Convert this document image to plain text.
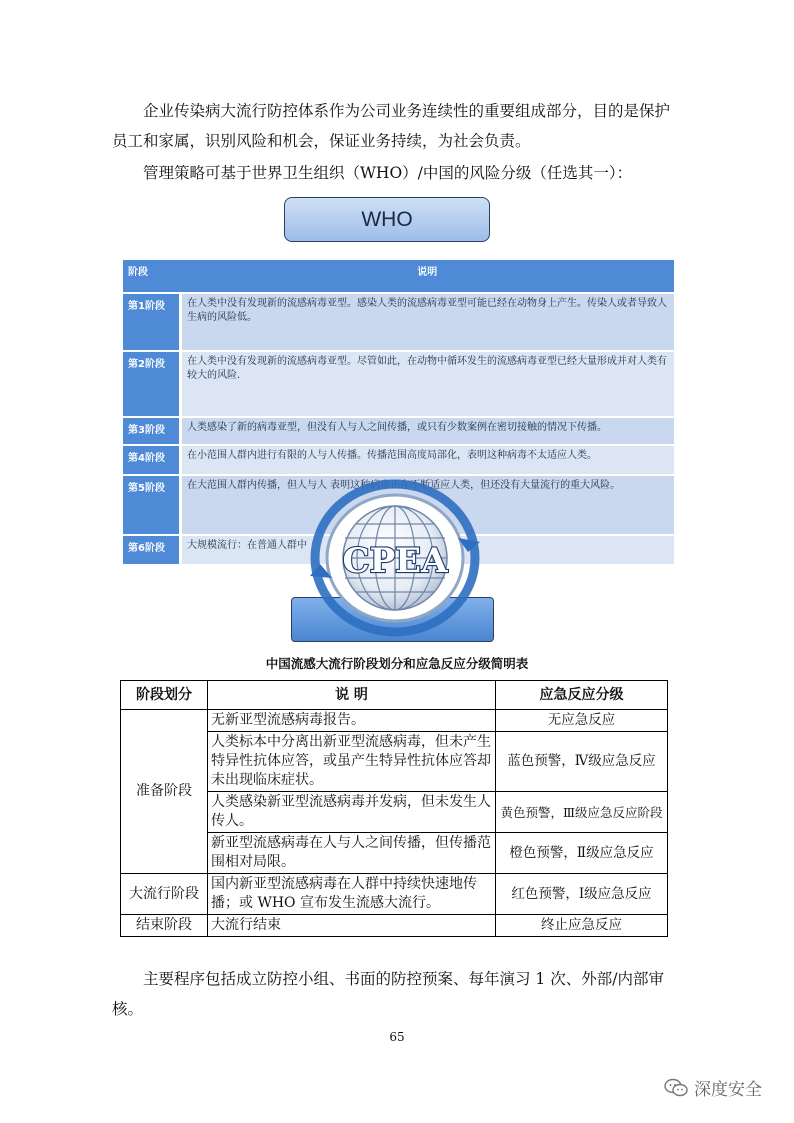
企业传染病大流行防控体系作为公司业务连续性的重要组成部分，目的是保护员工和家属，识别风险和机会，保证业务持续，为社会负责。

管理策略可基于世界卫生组织（WHO）/中国的风险分级（任选其一）：

WHO
阶段	说明
第1阶段	在人类中没有发现新的流感病毒亚型。感染人类的流感病毒亚型可能已经在动物身上产生。传染人或者导致人生病的风险低。
第2阶段	在人类中没有发现新的流感病毒亚型。尽管如此，在动物中循环发生的流感病毒亚型已经大量形成并对人类有较大的风险.
第3阶段	人类感染了新的病毒亚型，但没有人与人之间传播，或只有少数案例在密切接触的情况下传播。
第4阶段	在小范围人群内进行有限的人与人传播。传播范围高度局部化，表明这种病毒不太适应人类。
第5阶段	在大范围人群内传播，但人与人 表明这种病毒正在不断适应人类，但还没有大量流行的重大风险。
第6阶段	大规模流行：在普通人群中 CPEA

中国流感大流行阶段划分和应急反应分级简明表

阶段划分	说 明	应急反应分级
准备阶段	无新亚型流感病毒报告。	无应急反应
	人类标本中分离出新亚型流感病毒，但未产生特异性抗体应答，或虽产生特异性抗体应答却未出现临床症状。	蓝色预警，Ⅳ级应急反应
	人类感染新亚型流感病毒并发病，但未发生人传人。	黄色预警，Ⅲ级应急反应阶段
	新亚型流感病毒在人与人之间传播，但传播范围相对局限。	橙色预警，Ⅱ级应急反应
大流行阶段	国内新亚型流感病毒在人群中持续快速地传播；或 WHO 宣布发生流感大流行。	红色预警，Ⅰ级应急反应
结束阶段	大流行结束	终止应急反应

主要程序包括成立防控小组、书面的防控预案、每年演习 1 次、外部/内部审核。

65

深度安全
